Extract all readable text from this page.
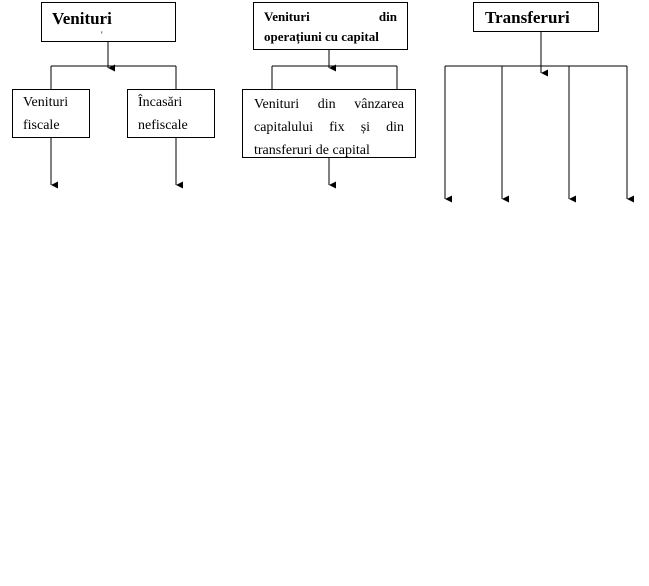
Venituri
'
Venituri din
operațiuni cu capital
Transferuri
Venituri
fiscale
Încasări
nefiscale
Venituri din vânzarea
capitalului fix și din
transferuri de capital
